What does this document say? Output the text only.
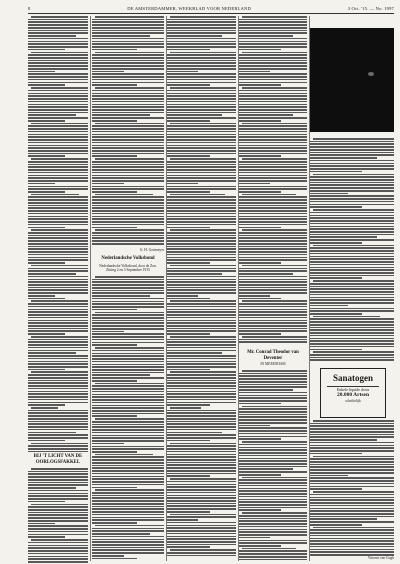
8	DE AMSTERDAMMER, WEEKBLAD VOOR NEDERLAND	3 Oct. '15. — No. 1997
BIJ 'T LICHT VAN DE OORLOGSFAKKEL
G. H. Gottmeyer
Nederlandsche Volksbond
Nederlandsche Volksbond, door de Zon. Zitting 2 en 3 September 1915
Mr. Conrad Theodor van Deventer
IN MEMORIAM
Sanatogen
Enkele liquide dosis
20.000 Artsen
schriftelijk
Vincent van Gogh
